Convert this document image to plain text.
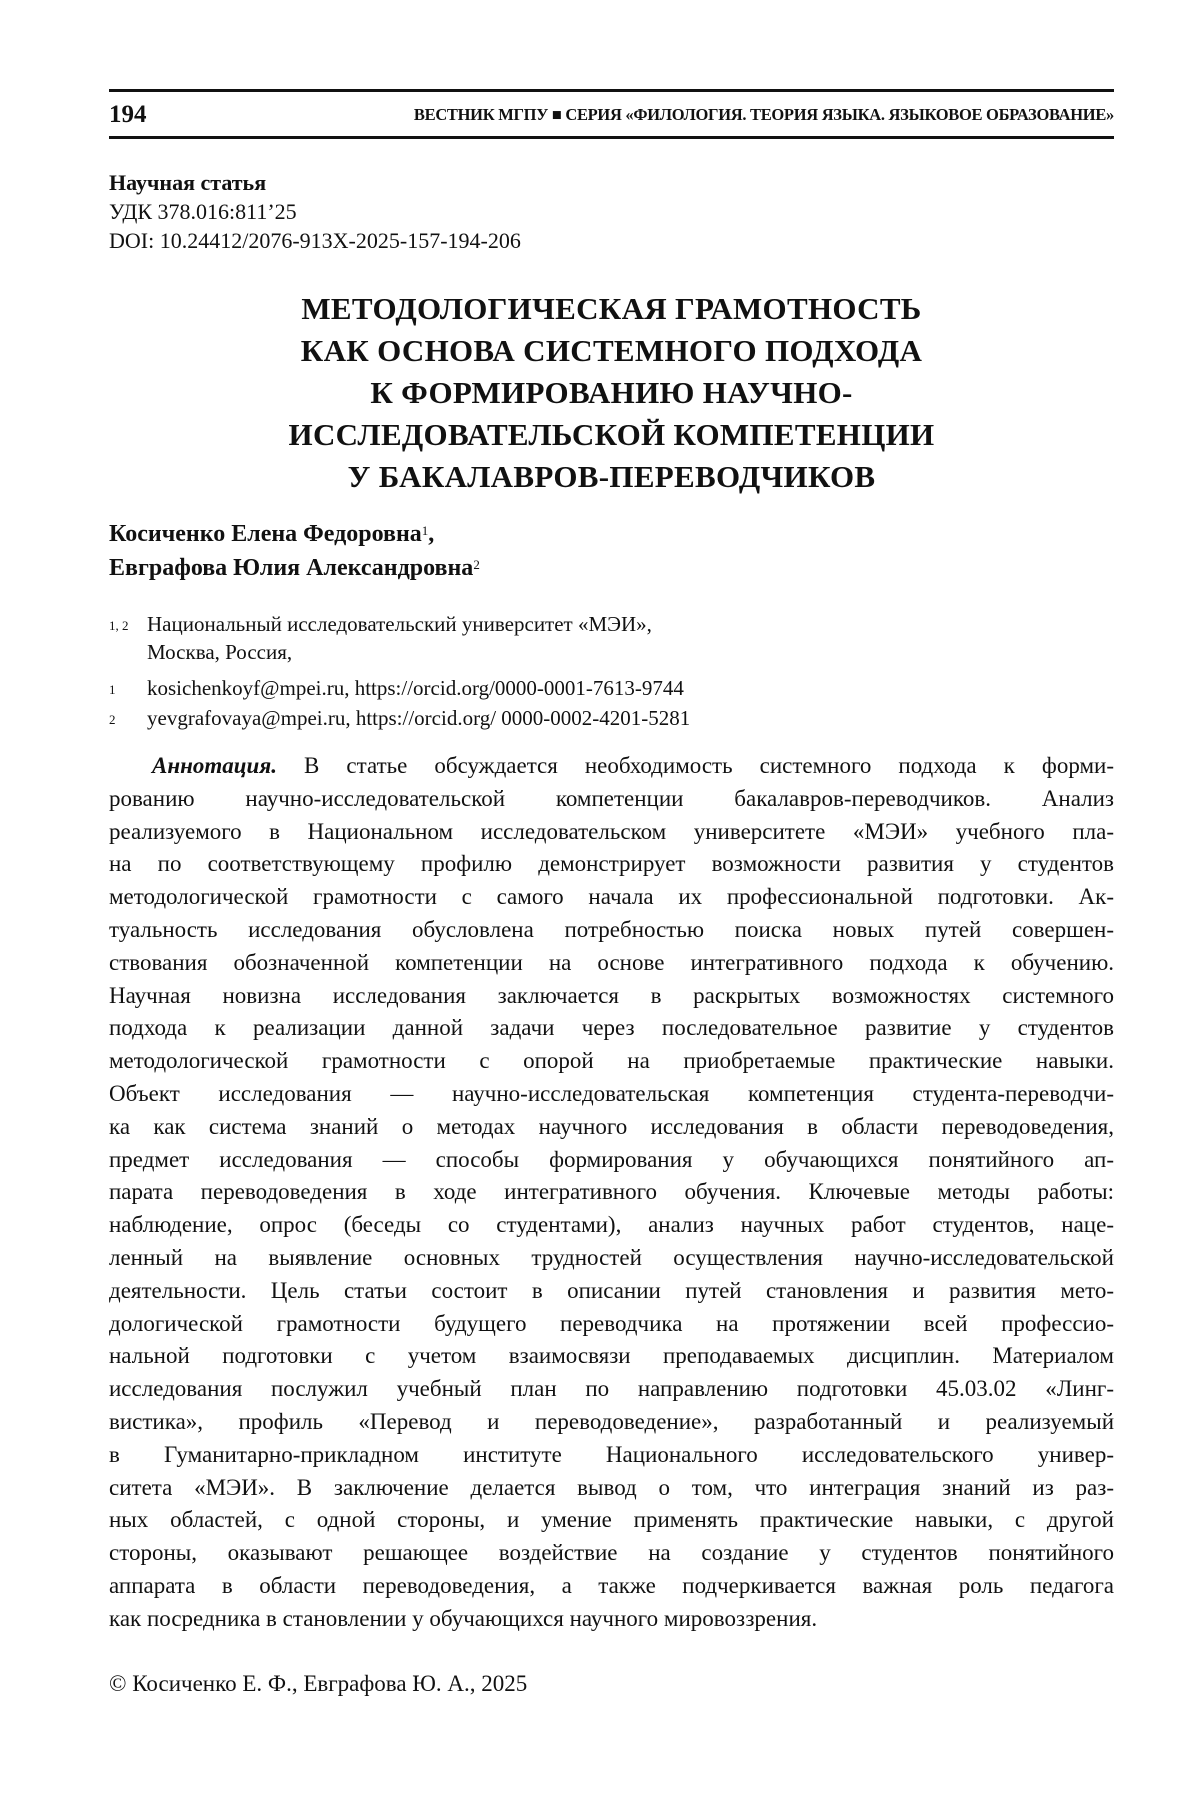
194	ВЕСТНИК МГПУ ■ СЕРИЯ «ФИЛОЛОГИЯ. ТЕОРИЯ ЯЗЫКА. ЯЗЫКОВОЕ ОБРАЗОВАНИЕ»
Научная статья
УДК 378.016:811’25
DOI: 10.24412/2076-913X-2025-157-194-206
МЕТОДОЛОГИЧЕСКАЯ ГРАМОТНОСТЬ
КАК ОСНОВА СИСТЕМНОГО ПОДХОДА
К ФОРМИРОВАНИЮ НАУЧНО-
ИССЛЕДОВАТЕЛЬСКОЙ КОМПЕТЕНЦИИ
У БАКАЛАВРОВ-ПЕРЕВОДЧИКОВ
Косиченко Елена Федоровна1,
Евграфова Юлия Александровна2
1, 2 Национальный исследовательский университет «МЭИ»,
Москва, Россия,
1	kosichenkoyf@mpei.ru, https://orcid.org/0000-0001-7613-9744
2	yevgrafovaya@mpei.ru, https://orcid.org/ 0000-0002-4201-5281
Аннотация. В статье обсуждается необходимость системного подхода к форми-
рованию научно-исследовательской компетенции бакалавров-переводчиков. Анализ
реализуемого в Национальном исследовательском университете «МЭИ» учебного пла-
на по соответствующему профилю демонстрирует возможности развития у студентов
методологической грамотности с самого начала их профессиональной подготовки. Ак-
туальность исследования обусловлена потребностью поиска новых путей совершен-
ствования обозначенной компетенции на основе интегративного подхода к обучению.
Научная новизна исследования заключается в раскрытых возможностях системного
подхода к реализации данной задачи через последовательное развитие у студентов
методологической грамотности с опорой на приобретаемые практические навыки.
Объект исследования — научно-исследовательская компетенция студента-переводчи-
ка как система знаний о методах научного исследования в области переводоведения,
предмет исследования — способы формирования у обучающихся понятийного ап-
парата переводоведения в ходе интегративного обучения. Ключевые методы работы:
наблюдение, опрос (беседы со студентами), анализ научных работ студентов, наце-
ленный на выявление основных трудностей осуществления научно-исследовательской
деятельности. Цель статьи состоит в описании путей становления и развития мето-
дологической грамотности будущего переводчика на протяжении всей профессио-
нальной подготовки с учетом взаимосвязи преподаваемых дисциплин. Материалом
исследования послужил учебный план по направлению подготовки 45.03.02 «Линг-
вистика», профиль «Перевод и переводоведение», разработанный и реализуемый
в Гуманитарно-прикладном институте Национального исследовательского универ-
ситета «МЭИ». В заключение делается вывод о том, что интеграция знаний из раз-
ных областей, с одной стороны, и умение применять практические навыки, с другой
стороны, оказывают решающее воздействие на создание у студентов понятийного
аппарата в области переводоведения, а также подчеркивается важная роль педагога
как посредника в становлении у обучающихся научного мировоззрения.
© Косиченко Е. Ф., Евграфова Ю. А., 2025
